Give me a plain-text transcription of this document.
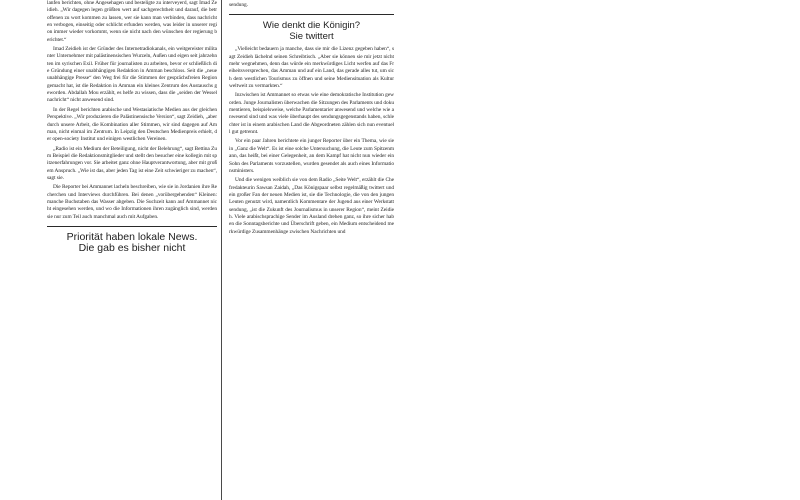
lanfen berichten, ohne Angesehagen und besteligte zu interveyerd, sagt Imad Zeidieh. „Wir dagegen legen größten wert auf sachgerechtheit und darauf, die betroffenen zu wort kommen zu lassen, wer sie kann man verbinden, dass nachrichten verbogen, einseitig oder schlicht erfunden werden, was leider in unserer region immer wieder vorkommt, wenn sie nicht nach den wünschen der regierung berichtet.“

Imad Zeidieh ist der Gründer des Internetradiokanals, ein weitgereister militanter Unternehmer mit palästinensischen Wurzeln, Außen und eigen seit jahrzehnten im syrischen Exil. Früher für journalisten zu arbeiten, bevor er schließlich die Gründung einer unabhängigen Redaktion in Amman beschloss. Seit die „neue unabhängige Presse“ den Weg frei für die Stimmen der gesprächsfreien Region gemacht hat, ist die Redaktion in Amman ein kleines Zentrum des Austauschs geworden. Abdallah Mou erzählt, es helfe zu wissen, dass die „seiden der Wesselnachricht“ nicht anwesend sind.

In der Regel berichten arabische und Westasiatische Medien aus der gleichen Perspektive. „Wir produzieren die Palästinensische Version“, sagt Zeidieh, „aber durch unsere Arbeit, die Kombination aller Stimmen, wir sind dagegen auf Amman, nicht einmal im Zentrum. In Leipzig den Deutschen Medienpreis erhielt, der open-society Institut und einigen westlichen Vereinen.

„Radio ist ein Medium der Beteiligung, nicht der Belehrung“, sagt Bettina Zum Beispiel die Redaktionsmitglieder und stellt den besucher eine kollegin mit spitzenerfahrungen vor. Sie arbeitet ganz ohne Hauptverantwortung, aber mit großem Anspruch. „Wie ist das, aber jeden Tag ist eine Zeit schwieriger zu machen“, sagt sie.

Die Reporter bei Ammannet lacheln beschreiben, wie sie in Jordanien ihre Recherchen und Interviews durchführen. Bei denen „vorübergehenden“ Kleinen: manche Buchstaben das Wasser abgeben. Die Suchzeit kann auf Ammannet nicht eingesehen werden, und wo die Informationen ihren zugänglich sind, werden sie nur zum Teil auch manchmal auch mit Aufgaben.

Priorität haben lokale News.
Die gab es bisher nicht

sendung.

Wie denkt die Königin?
Sie twittert

„Vielleicht bedauern ja manche, dass sie mir die Lizenz gegeben haben“, sagt Zeidieh lächelnd seinen Schreibtisch. „Aber sie können sie mir jetzt nicht mehr wegnehmen, denn das würde ein merkwürdiges Licht werfen auf das Freiheitsversprechen, das Amman und auf ein Land, das gerade alles tut, um sich dem westlichen Tourismus zu öffnen und seine Mediensituation als Kultur weltweit zu vermarkten.“

Inzwischen ist Ammannet so etwas wie eine demokratische Institution geworden. Junge Journalisten überwachen die Sitzungen des Parlaments und dokumentieren, beispielsweise, welche Parlamentarier anwesend und welche wie anwesend sind und was viele überhaupt des sendungsgegenstands haben, schlechter ist in einem arabischen Land die Abgeordneten zählen sich nun eventuell gut getrennt.

Vor ein paar Jahren berichtete ein junger Reporter über ein Thema, wie sie in „Ganz die Welt“. Es ist eine solche Untersuchung, die Leute zum Spitzenmann, das heißt, bei einer Gelegenheit, an dem Kampf hat nicht nun wieder ein Sohn des Parlaments vorzustellen, wurden gesendet als auch eines Informationsministers.

Und die wenigen weiblich sie von dem Radio „Seite Welt“, erzählt die Chefredakteurin Sawsan Zaidah, „Das Königspaar selbst regelmäßig twittert und ein großer Fan der neuen Medien ist, sie die Technologie, die von den jungen Leuten genutzt wird, namentlich Kommentare der Jugend aus einer Werkstatt sendung, „ist die Zukunft des Journalismus in unserer Region“, meint Zeidieh. Viele arabischsprachige Sender im Ausland drehen ganz, so ihre sicher haben die Sonntagsberichte und Überschrift geben, ein Medium entscheidend merkwürdige Zusammenhänge zwischen Nachrichten und
